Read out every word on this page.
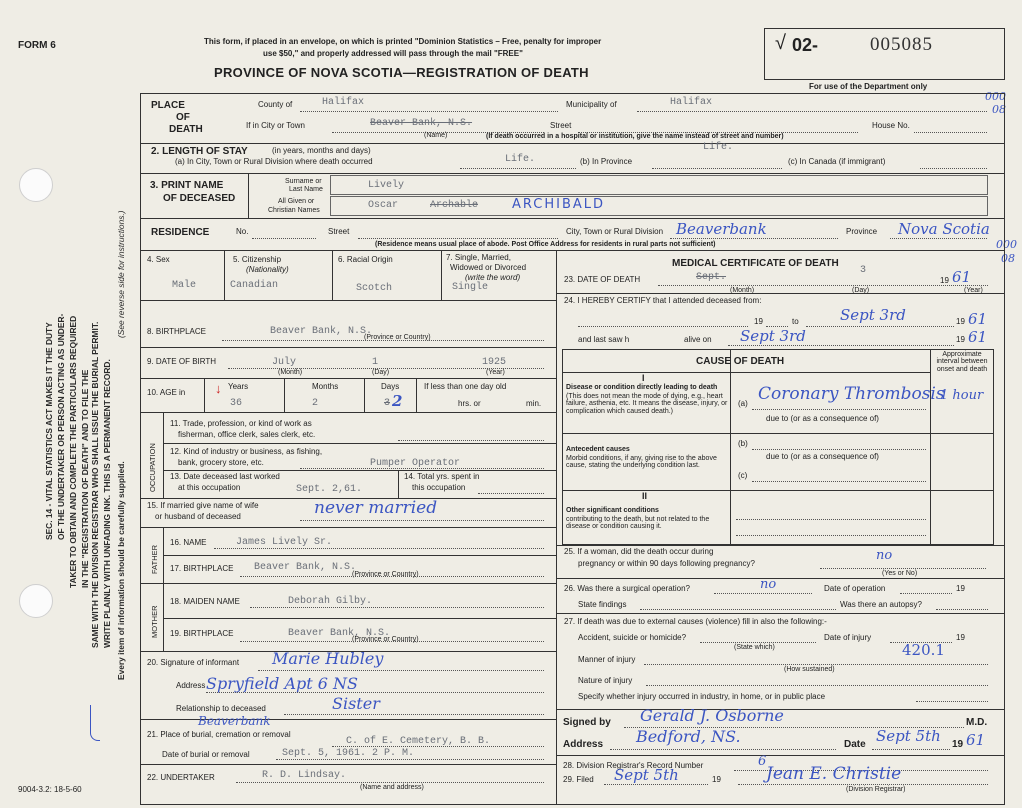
FORM 6
9004-3.2: 18-5-60
SEC. 14 - VITAL STATISTICS ACT MAKES IT THE DUTY OF THE UNDERTAKER OR PERSON ACTING AS UNDER- TAKER TO OBTAIN AND COMPLETE THE PARTICULARS REQUIRED IN THE "REGISTRATION OF DEATH" AND TO FILE THE SAME WITH THE DIVISION REGISTRAR WHO SHALL ISSUE THE BURIAL PERMIT. WRITE PLAINLY WITH UNFADING INK. THIS IS A PERMANENT RECORD.
(See reverse side for instructions.)
Every item of information should be carefully supplied.
This form, if placed in an envelope, on which is printed "Dominion Statistics – Free, penalty for improper
use $50," and properly addressed will pass through the mail "FREE"
PROVINCE OF NOVA SCOTIA—REGISTRATION OF DEATH
√ 02-	005085
For use of the Department only
000
08
000
08
PLACE
OF
DEATH
County of	Halifax	Municipality of	Halifax
If in City or Town	Beaver Bank, N.S.
(Name)
Street	House No.
(If death occurred in a hospital or institution, give the name instead of street and number)
2. LENGTH OF STAY	(in years, months and days)
(a) In City, Town or Rural Division where death occurred	Life.
Life.
(b) In Province	(c) In Canada (if immigrant)
3. PRINT NAME
OF DECEASED
Surname or
Last Name
All Given or
Christian Names
Lively
Oscar	Archable	ARCHIBALD
RESIDENCE	No.	Street	City, Town or Rural Division Beaverbank	Province Nova Scotia
(Residence means usual place of abode. Post Office Address for residents in rural parts not sufficient)
4. Sex
Male
5. Citizenship
(Nationality)
Canadian
6. Racial Origin
Scotch
7. Single, Married,
Widowed or Divorced
(write the word)
Single
8. BIRTHPLACE	Beaver Bank, N.S.
(Province or Country)
9. DATE OF BIRTH	July	1	1925
(Month)	(Day)	(Year)
10. AGE in ↓ Years
36
Months
2
Days
3 2
If less than one day old
hrs. or	min.
OCCUPATION
11. Trade, profession, or kind of work as
fisherman, office clerk, sales clerk, etc.
12. Kind of industry or business, as fishing,
bank, grocery store, etc.	Pumper Operator
13. Date deceased last worked
at this occupation	Sept. 2,61.
14. Total yrs. spent in
this occupation
15. If married give name of wife
or husband of deceased	never married
FATHER
16. NAME	James Lively Sr.
17. BIRTHPLACE Beaver Bank, N.S.
(Province or Country)
MOTHER
18. MAIDEN NAME	Deborah Gilby.
19. BIRTHPLACE	Beaver Bank, N.S.
(Province or Country)
20. Signature of informant Marie Hubley
Address Spryfield Apt 6 NS
Relationship to deceased	Sister
Beaverbank
21. Place of burial, cremation or removal
C. of E. Cemetery, B. B.
Date of burial or removal	Sept. 5, 1961. 2 P. M.
22. UNDERTAKER	R. D. Lindsay.
(Name and address)
MEDICAL CERTIFICATE OF DEATH
23. DATE OF DEATH	Sept.
3
19 61
(Month)	(Day)	(Year)
24. I HEREBY CERTIFY that I attended deceased from:
19	to	Sept 3rd	19 61
and last saw h	alive on Sept 3rd	19 61
CAUSE OF DEATH
Approximate interval between onset and death
I
Disease or condition directly leading to death
(This does not mean the mode of dying, e.g., heart failure, asthenia, etc. It means the disease, injury, or complication which caused death.)
(a) Coronary Thrombosis
1 hour
due to (or as a consequence of)
Antecedent causes
Morbid conditions, if any, giving rise to the above cause, stating the underlying condition last.
(b)
due to (or as a consequence of)
(c)
II
Other significant conditions
contributing to the death, but not related to the disease or condition causing it.
25. If a woman, did the death occur during
pregnancy or within 90 days following pregnancy?
no
(Yes or No)
26. Was there a surgical operation?	no	Date of operation	19
State findings	Was there an autopsy?
27. If death was due to external causes (violence) fill in also the following:-
Accident, suicide or homicide?
(State which)
Date of injury	19
420.1
Manner of injury
(How sustained)
Nature of injury
Specify whether injury occurred in industry, in home, or in public place
Signed by Gerald J. Osborne	M.D.
Address Bedford, NS.	Date Sept 5th 19 61
28. Division Registrar's Record Number	6
29. Filed Sept 5th	19	Jean E. Christie
(Division Registrar)
